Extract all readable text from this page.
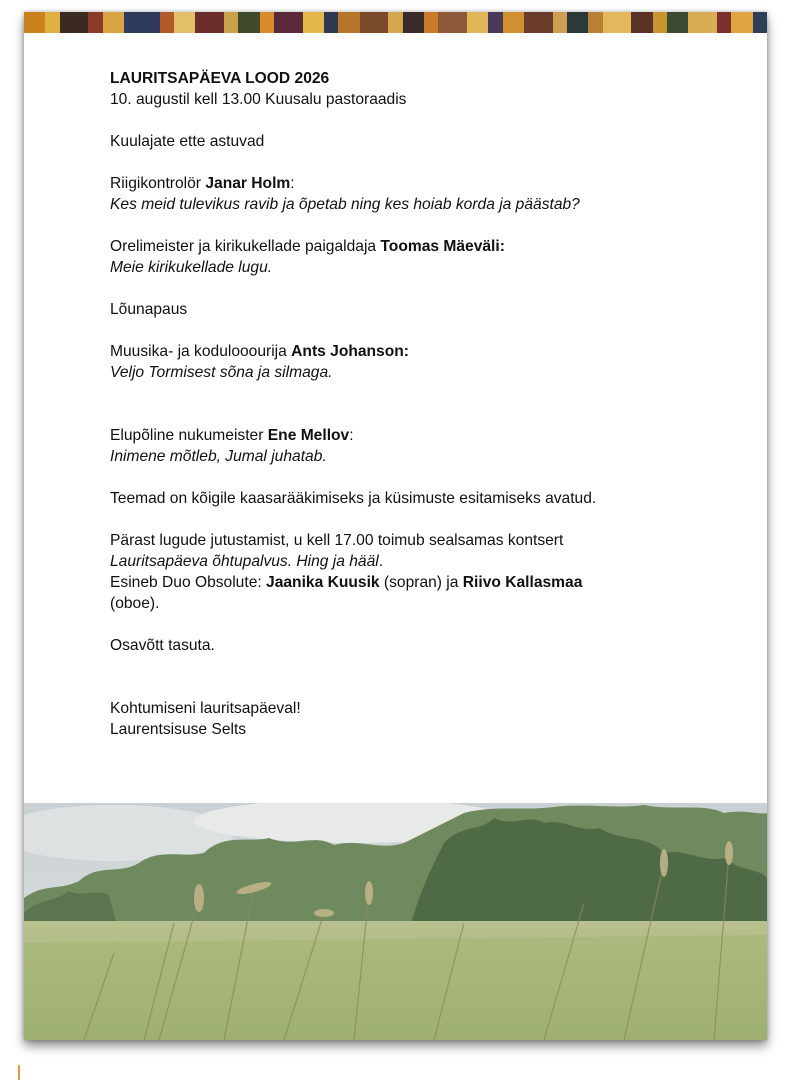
LAURITSAPÄEVA LOOD 2026

10. augustil kell 13.00 Kuusalu pastoraadis

Kuulajate ette astuvad

Riigikontrolör Janar Holm:

Kes meid tulevikus ravib ja õpetab ning kes hoiab korda ja päästab?

Orelimeister ja kirikukellade paigaldaja Toomas Mäeväli:

Meie kirikukellade lugu.

Lõunapaus

Muusika- ja kodulooourija Ants Johanson:

Veljo Tormisest sõna ja silmaga.

Elupõline nukumeister Ene Mellov:

Inimene mõtleb, Jumal juhatab.

Teemad on kõigile kaasarääkimiseks ja küsimuste esitamiseks avatud.

Pärast lugude jutustamist, u kell 17.00 toimub sealsamas kontsert

Lauritsapäeva õhtupalvus. Hing ja hääl.

Esineb Duo Obsolute: Jaanika Kuusik (sopran) ja Riivo Kallasmaa

(oboe).

Osavõtt tasuta.

Kohtumiseni lauritsapäeval!

Laurentsisuse Selts
